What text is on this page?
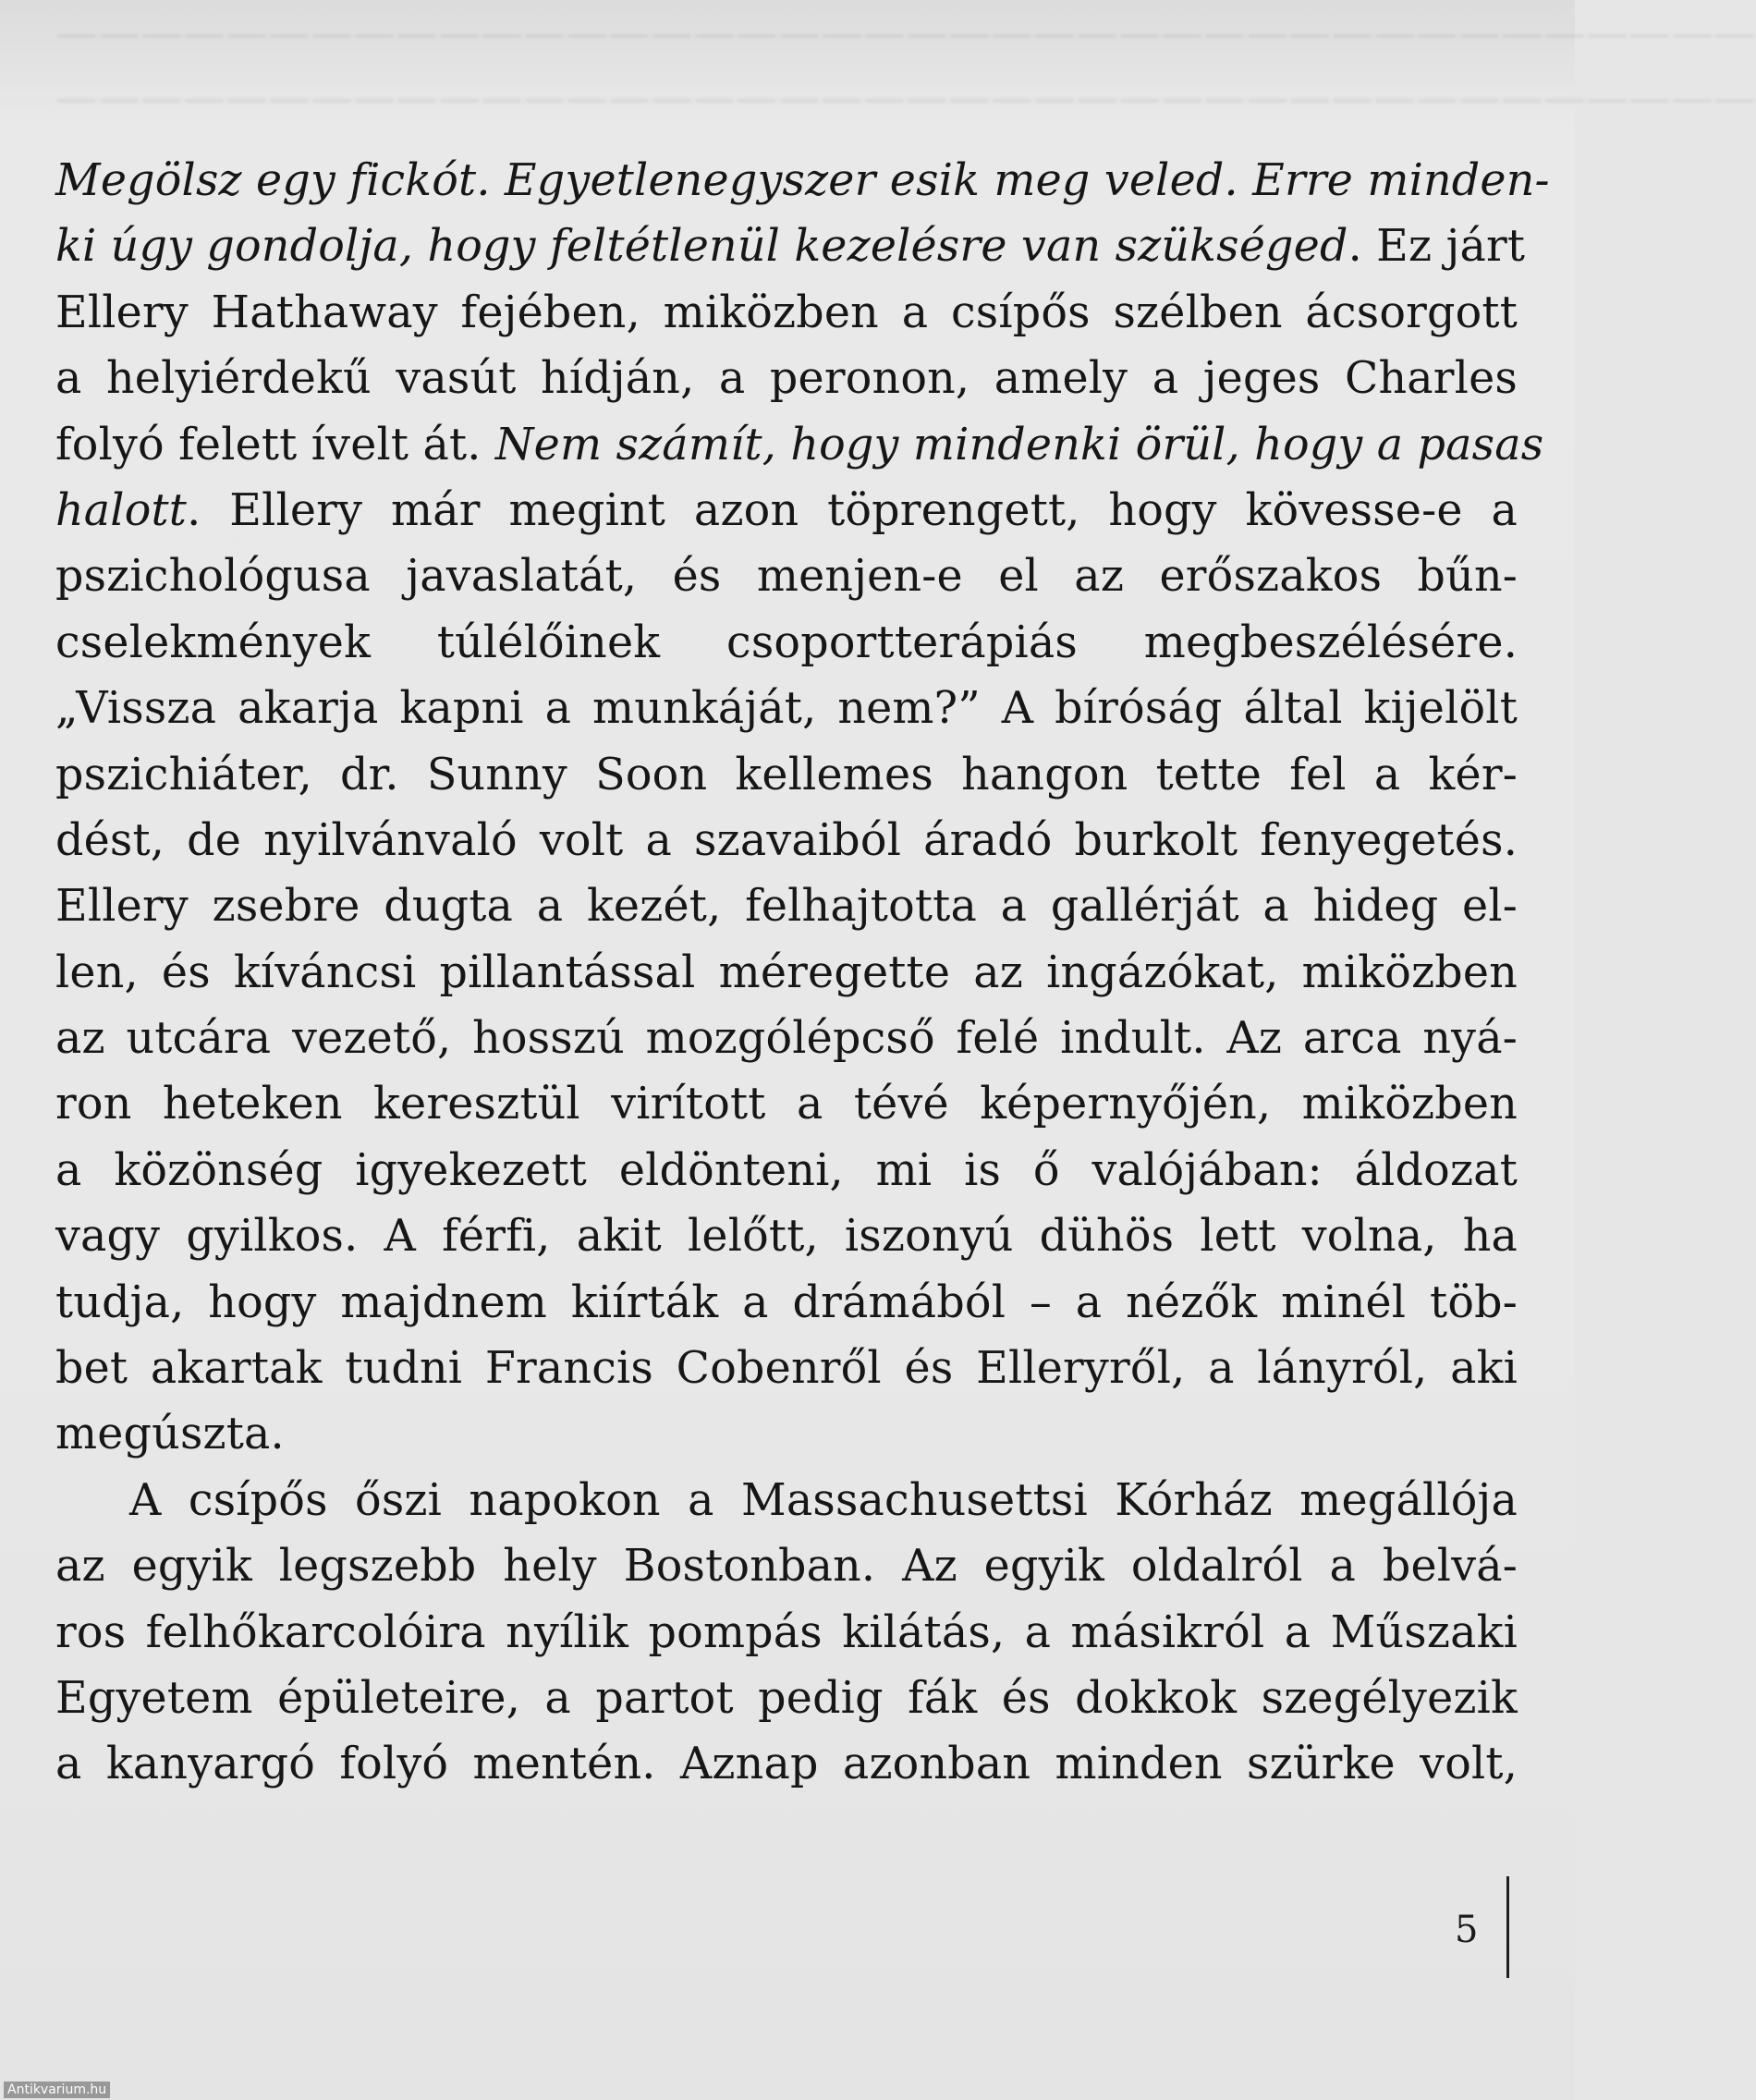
————————————————————————————————————————
————————————————————————————————————————
Megölsz egy fickót. Egyetlenegyszer esik meg veled. Erre minden-
ki úgy gondolja, hogy feltétlenül kezelésre van szükséged. Ez járt
Ellery Hathaway fejében, miközben a csípős szélben ácsorgott
a helyiérdekű vasút hídján, a peronon, amely a jeges Charles
folyó felett ívelt át. Nem számít, hogy mindenki örül, hogy a pasas
halott. Ellery már megint azon töprengett, hogy kövesse-e a
pszichológusa javaslatát, és menjen-e el az erőszakos bűn-
cselekmények túlélőinek csoportterápiás megbeszélésére.
„Vissza akarja kapni a munkáját, nem?” A bíróság által kijelölt
pszichiáter, dr. Sunny Soon kellemes hangon tette fel a kér-
dést, de nyilvánvaló volt a szavaiból áradó burkolt fenyegetés.
Ellery zsebre dugta a kezét, felhajtotta a gallérját a hideg el-
len, és kíváncsi pillantással méregette az ingázókat, miközben
az utcára vezető, hosszú mozgólépcső felé indult. Az arca nyá-
ron heteken keresztül virított a tévé képernyőjén, miközben
a közönség igyekezett eldönteni, mi is ő valójában: áldozat
vagy gyilkos. A férfi, akit lelőtt, iszonyú dühös lett volna, ha
tudja, hogy majdnem kiírták a drámából – a nézők minél töb-
bet akartak tudni Francis Cobenről és Elleryről, a lányról, aki
megúszta.
A csípős őszi napokon a Massachusettsi Kórház megállója
az egyik legszebb hely Bostonban. Az egyik oldalról a belvá-
ros felhőkarcolóira nyílik pompás kilátás, a másikról a Műszaki
Egyetem épületeire, a partot pedig fák és dokkok szegélyezik
a kanyargó folyó mentén. Aznap azonban minden szürke volt,
5
Antikvarium.hu
